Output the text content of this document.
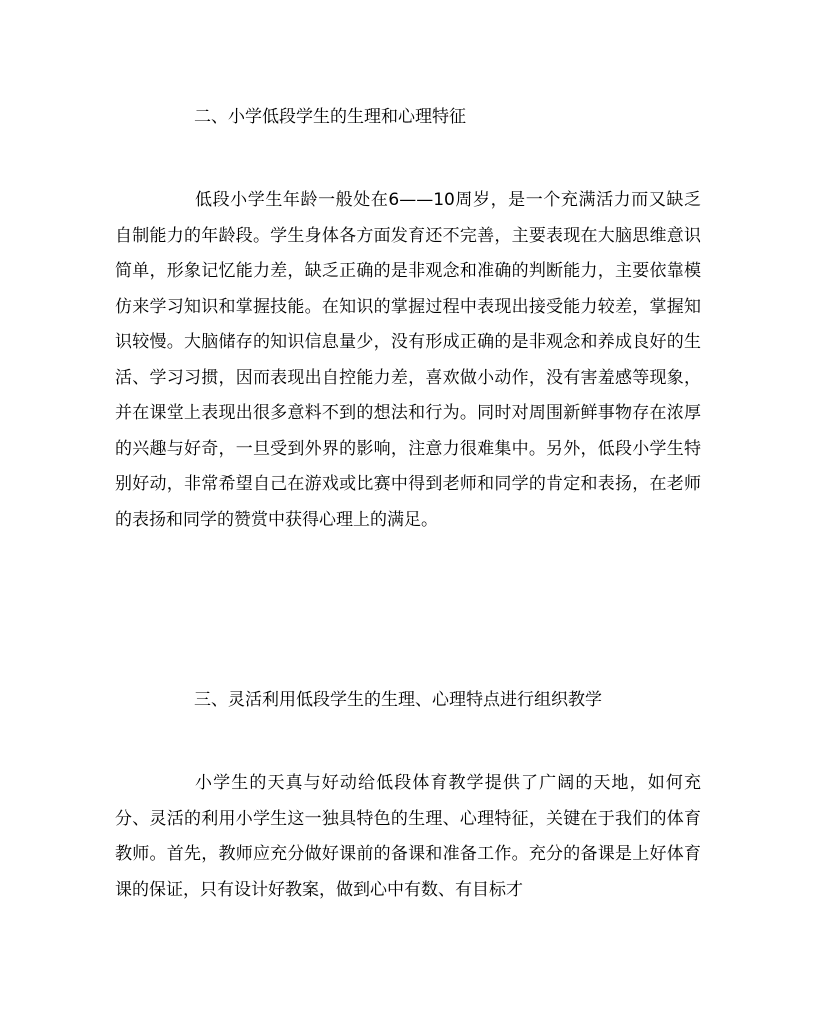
二、小学低段学生的生理和心理特征

低段小学生年龄一般处在6——10周岁，是一个充满活力而又缺乏自制能力的年龄段。学生身体各方面发育还不完善，主要表现在大脑思维意识简单，形象记忆能力差，缺乏正确的是非观念和准确的判断能力，主要依靠模仿来学习知识和掌握技能。在知识的掌握过程中表现出接受能力较差，掌握知识较慢。大脑储存的知识信息量少，没有形成正确的是非观念和养成良好的生活、学习习掼，因而表现出自控能力差，喜欢做小动作，没有害羞感等现象，并在课堂上表现出很多意料不到的想法和行为。同时对周围新鲜事物存在浓厚的兴趣与好奇，一旦受到外界的影响，注意力很难集中。另外，低段小学生特别好动，非常希望自己在游戏或比赛中得到老师和同学的肯定和表扬，在老师的表扬和同学的赞赏中获得心理上的满足。

三、灵活利用低段学生的生理、心理特点进行组织教学

小学生的天真与好动给低段体育教学提供了广阔的天地，如何充分、灵活的利用小学生这一独具特色的生理、心理特征，关键在于我们的体育教师。首先，教师应充分做好课前的备课和准备工作。充分的备课是上好体育课的保证，只有设计好教案，做到心中有数、有目标才
